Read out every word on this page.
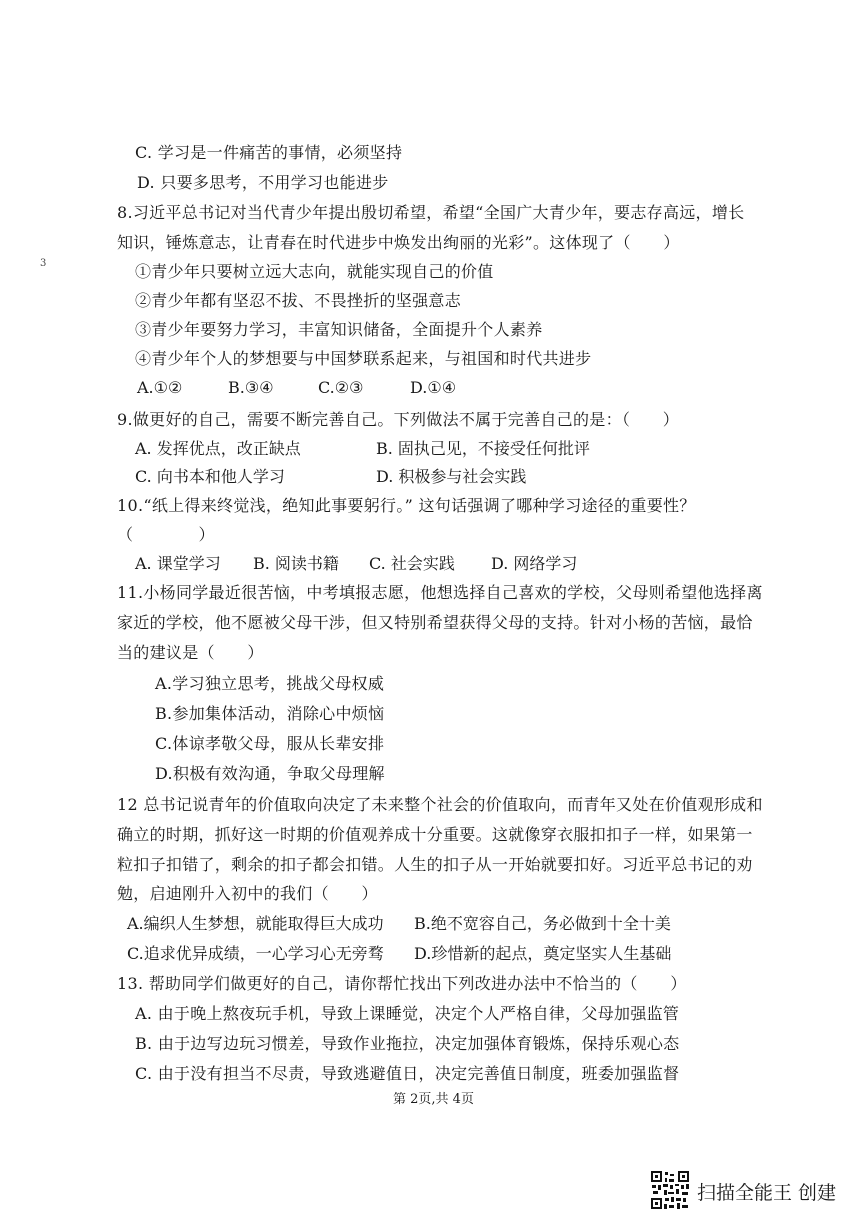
C. 学习是一件痛苦的事情，必须坚持
D. 只要多思考，不用学习也能进步
8.习近平总书记对当代青少年提出殷切希望，希望“全国广大青少年，要志存高远，增长
知识，锤炼意志，让青春在时代进步中焕发出绚丽的光彩”。这体现了（　　）
3	①青少年只要树立远大志向，就能实现自己的价值
②青少年都有坚忍不拔、不畏挫折的坚强意志
③青少年要努力学习，丰富知识储备，全面提升个人素养
④青少年个人的梦想要与中国梦联系起来，与祖国和时代共进步
A.①②	B.③④	C.②③	D.①④
9.做更好的自己，需要不断完善自己。下列做法不属于完善自己的是：（　　）
A. 发挥优点，改正缺点	B. 固执己见，不接受任何批评
C. 向书本和他人学习	D. 积极参与社会实践
10.“纸上得来终觉浅，绝知此事要躬行。” 这句话强调了哪种学习途径的重要性？
（　　　　）
A. 课堂学习 B. 阅读书籍 C. 社会实践 D. 网络学习
11.小杨同学最近很苦恼，中考填报志愿，他想选择自己喜欢的学校，父母则希望他选择离
家近的学校，他不愿被父母干涉，但又特别希望获得父母的支持。针对小杨的苦恼，最恰
当的建议是（　　）
A.学习独立思考，挑战父母权威
B.参加集体活动，消除心中烦恼
C.体谅孝敬父母，服从长辈安排
D.积极有效沟通，争取父母理解
12 总书记说青年的价值取向决定了未来整个社会的价值取向，而青年又处在价值观形成和
确立的时期，抓好这一时期的价值观养成十分重要。这就像穿衣服扣扣子一样，如果第一
粒扣子扣错了，剩余的扣子都会扣错。人生的扣子从一开始就要扣好。习近平总书记的劝
勉，启迪刚升入初中的我们（　　）
A.编织人生梦想，就能取得巨大成功 B.绝不宽容自己，务必做到十全十美
C.追求优异成绩，一心学习心无旁骛 D.珍惜新的起点，奠定坚实人生基础
13. 帮助同学们做更好的自己，请你帮忙找出下列改进办法中不恰当的（　　）
A. 由于晚上熬夜玩手机，导致上课睡觉，决定个人严格自律，父母加强监管
B. 由于边写边玩习惯差，导致作业拖拉，决定加强体育锻炼，保持乐观心态
C. 由于没有担当不尽责，导致逃避值日，决定完善值日制度，班委加强监督
第 2页,共 4页
扫描全能王 创建
